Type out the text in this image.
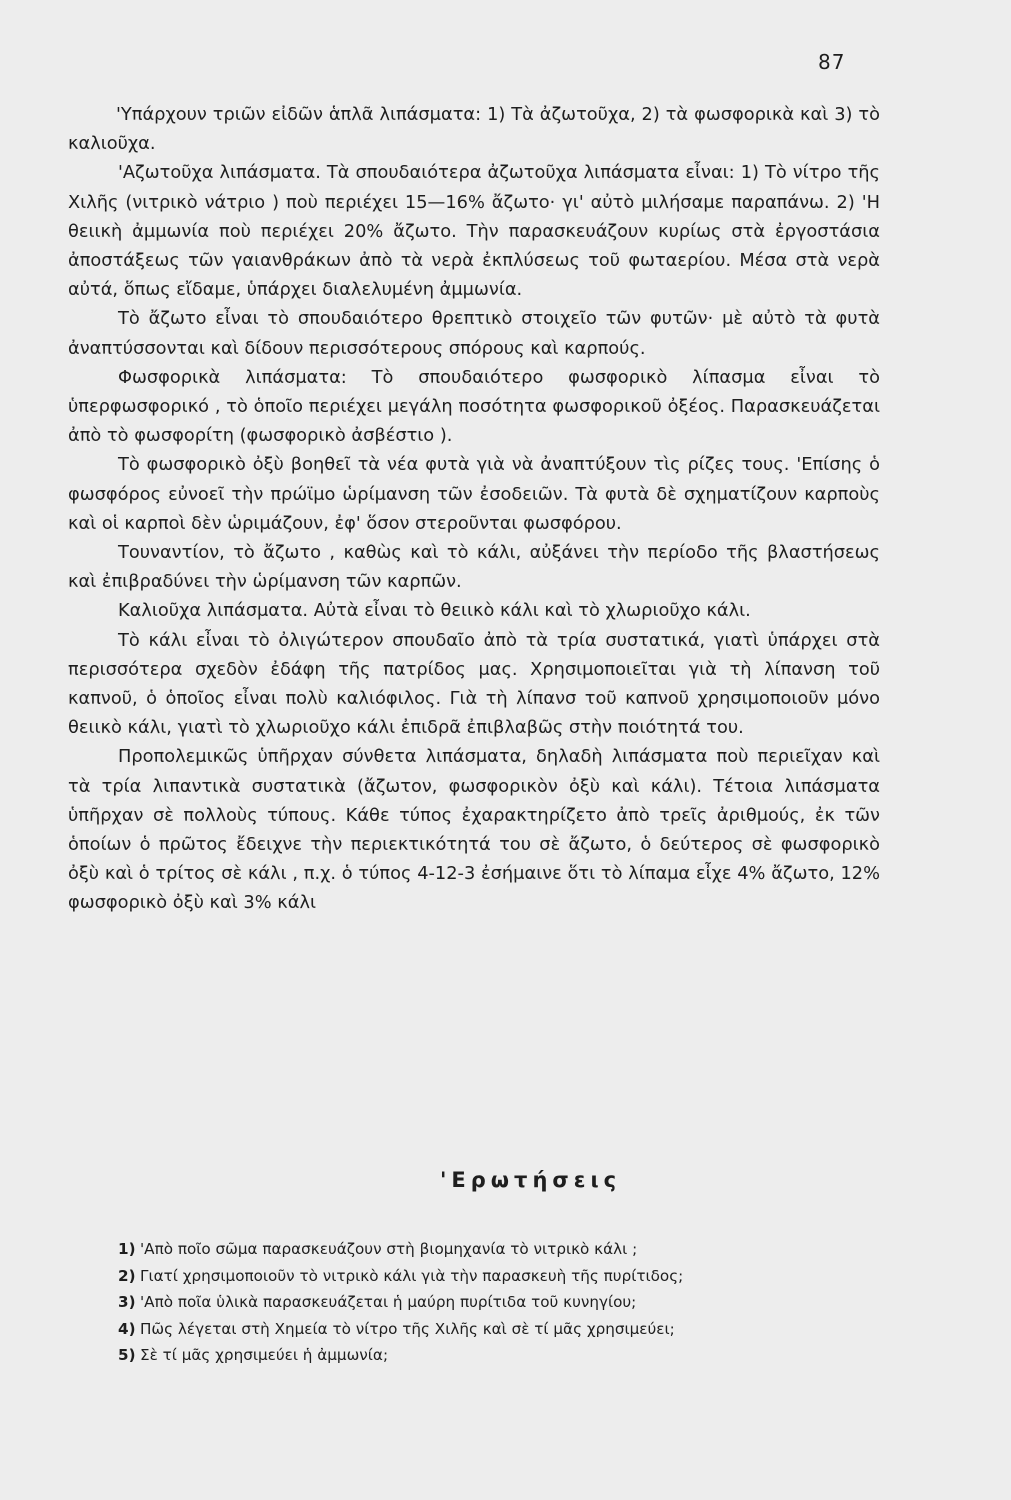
87

'Υπάρχουν τριῶν εἰδῶν ἁπλᾶ λιπάσματα: 1) Τὰ ἀζωτοῦχα, 2) τὰ φωσφορικὰ καὶ 3) τὸ καλιοῦχα.

'Αζωτοῦχα λιπάσματα. Τὰ σπουδαιότερα ἀζωτοῦχα λιπάσματα εἶναι: 1) Τὸ νίτρο τῆς Χιλῆς (νιτρικὸ νάτριο ) ποὺ περιέχει 15—16% ἄζωτο· γι' αὐτὸ μιλήσαμε παραπάνω. 2) 'Η θειικὴ ἀμμωνία ποὺ περιέχει 20% ἄζωτο. Τὴν παρασκευάζουν κυρίως στὰ ἐργοστάσια ἀποστάξεως τῶν γαιανθράκων ἀπὸ τὰ νερὰ ἐκπλύσεως τοῦ φωταερίου. Μέσα στὰ νερὰ αὐτά, ὅπως εἴδαμε, ὑπάρχει διαλελυμένη ἀμμωνία.

Τὸ ἄζωτο εἶναι τὸ σπουδαιότερο θρεπτικὸ στοιχεῖο τῶν φυτῶν· μὲ αὐτὸ τὰ φυτὰ ἀναπτύσσονται καὶ δίδουν περισσότερους σπόρους καὶ καρπούς.

Φωσφορικὰ λιπάσματα: Τὸ σπουδαιότερο φωσφορικὸ λίπασμα εἶναι τὸ ὑπερφωσφορικό , τὸ ὁποῖο περιέχει μεγάλη ποσότητα φωσφορικοῦ ὀξέος. Παρασκευάζεται ἀπὸ τὸ φωσφορίτη (φωσφορικὸ ἀσβέστιο ).

Τὸ φωσφορικὸ ὀξὺ βοηθεῖ τὰ νέα φυτὰ γιὰ νὰ ἀναπτύξουν τὶς ρίζες τους. 'Επίσης ὁ φωσφόρος εὐνοεῖ τὴν πρώϊμο ὡρίμανση τῶν ἐσοδειῶν. Τὰ φυτὰ δὲ σχηματίζουν καρποὺς καὶ οἱ καρποὶ δὲν ὡριμάζουν, ἐφ' ὅσον στεροῦνται φωσφόρου.

Τουναντίον, τὸ ἄζωτο , καθὼς καὶ τὸ κάλι, αὐξάνει τὴν περίοδο τῆς βλαστήσεως καὶ ἐπιβραδύνει τὴν ὡρίμανση τῶν καρπῶν.

Καλιοῦχα λιπάσματα. Αὐτὰ εἶναι τὸ θειικὸ κάλι καὶ τὸ χλωριοῦχο κάλι.

Τὸ κάλι εἶναι τὸ ὀλιγώτερον σπουδαῖο ἀπὸ τὰ τρία συστατικά, γιατὶ ὑπάρχει στὰ περισσότερα σχεδὸν ἐδάφη τῆς πατρίδος μας. Χρησιμοποιεῖται γιὰ τὴ λίπανση τοῦ καπνοῦ, ὁ ὁποῖος εἶναι πολὺ καλιόφιλος. Γιὰ τὴ λίπανσ τοῦ καπνοῦ χρησιμοποιοῦν μόνο θειικὸ κάλι, γιατὶ τὸ χλωριοῦχο κάλι ἐπιδρᾶ ἐπιβλαβῶς στὴν ποιότητά του.

Προπολεμικῶς ὑπῆρχαν σύνθετα λιπάσματα, δηλαδὴ λιπάσματα ποὺ περιεῖχαν καὶ τὰ τρία λιπαντικὰ συστατικὰ (ἄζωτον, φωσφορικὸν ὀξὺ καὶ κάλι). Τέτοια λιπάσματα ὑπῆρχαν σὲ πολλοὺς τύπους. Κάθε τύπος ἐχαρακτηρίζετο ἀπὸ τρεῖς ἀριθμούς, ἐκ τῶν ὁποίων ὁ πρῶτος ἔδειχνε τὴν περιεκτικότητά του σὲ ἄζωτο, ὁ δεύτερος σὲ φωσφορικὸ ὀξὺ καὶ ὁ τρίτος σὲ κάλι , π.χ. ὁ τύπος 4-12-3 ἐσήμαινε ὅτι τὸ λίπαμα εἶχε 4% ἄζωτο, 12% φωσφορικὸ ὀξὺ καὶ 3% κάλι

'Ερωτήσεις
1) 'Απὸ ποῖο σῶμα παρασκευάζουν στὴ βιομηχανία τὸ νιτρικὸ κάλι ;
2) Γιατί χρησιμοποιοῦν τὸ νιτρικὸ κάλι γιὰ τὴν παρασκευὴ τῆς πυρίτιδος;
3) 'Απὸ ποῖα ὑλικὰ παρασκευάζεται ἡ μαύρη πυρίτιδα τοῦ κυνηγίου;
4) Πῶς λέγεται στὴ Χημεία τὸ νίτρο τῆς Χιλῆς καὶ σὲ τί μᾶς χρησιμεύει;
5) Σὲ τί μᾶς χρησιμεύει ἡ ἀμμωνία;
